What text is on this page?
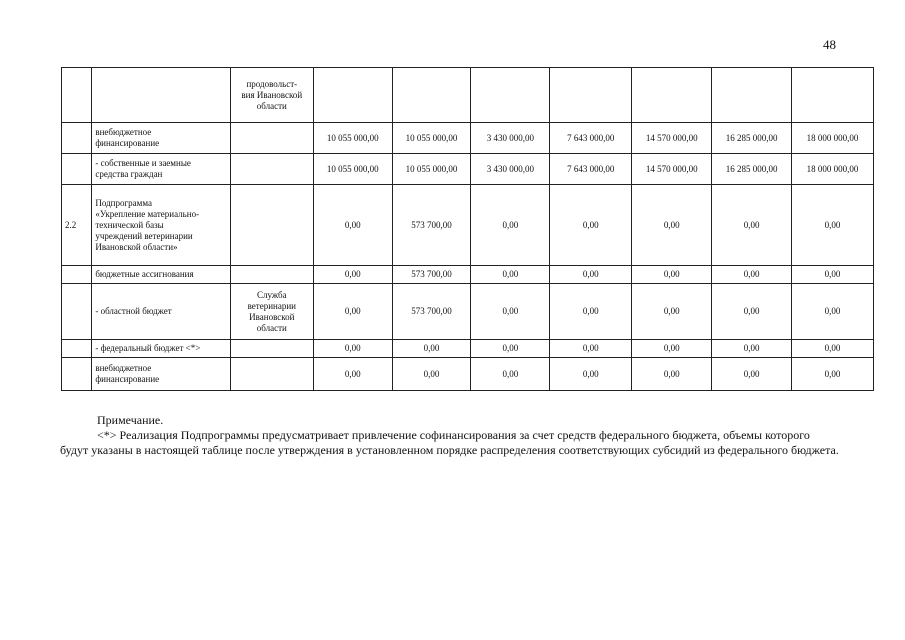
48
		продовольст-
вия Ивановской
области							
	внебюджетное
финансирование		10 055 000,00	10 055 000,00	3 430 000,00	7 643 000,00	14 570 000,00	16 285 000,00	18 000 000,00
	- собственные и заемные
средства граждан		10 055 000,00	10 055 000,00	3 430 000,00	7 643 000,00	14 570 000,00	16 285 000,00	18 000 000,00
2.2	Подпрограмма
«Укрепление материально-
технической базы
учреждений ветеринарии
Ивановской области»		0,00	573 700,00	0,00	0,00	0,00	0,00	0,00
	бюджетные ассигнования		0,00	573 700,00	0,00	0,00	0,00	0,00	0,00
	- областной бюджет	Служба
ветеринарии
Ивановской
области	0,00	573 700,00	0,00	0,00	0,00	0,00	0,00
	- федеральный бюджет <*>		0,00	0,00	0,00	0,00	0,00	0,00	0,00
	внебюджетное
финансирование		0,00	0,00	0,00	0,00	0,00	0,00	0,00

Примечание.

<*> Реализация Подпрограммы предусматривает привлечение софинансирования за счет средств федерального бюджета, объемы которого будут указаны в настоящей таблице после утверждения в установленном порядке распределения соответствующих субсидий из федерального бюджета.
